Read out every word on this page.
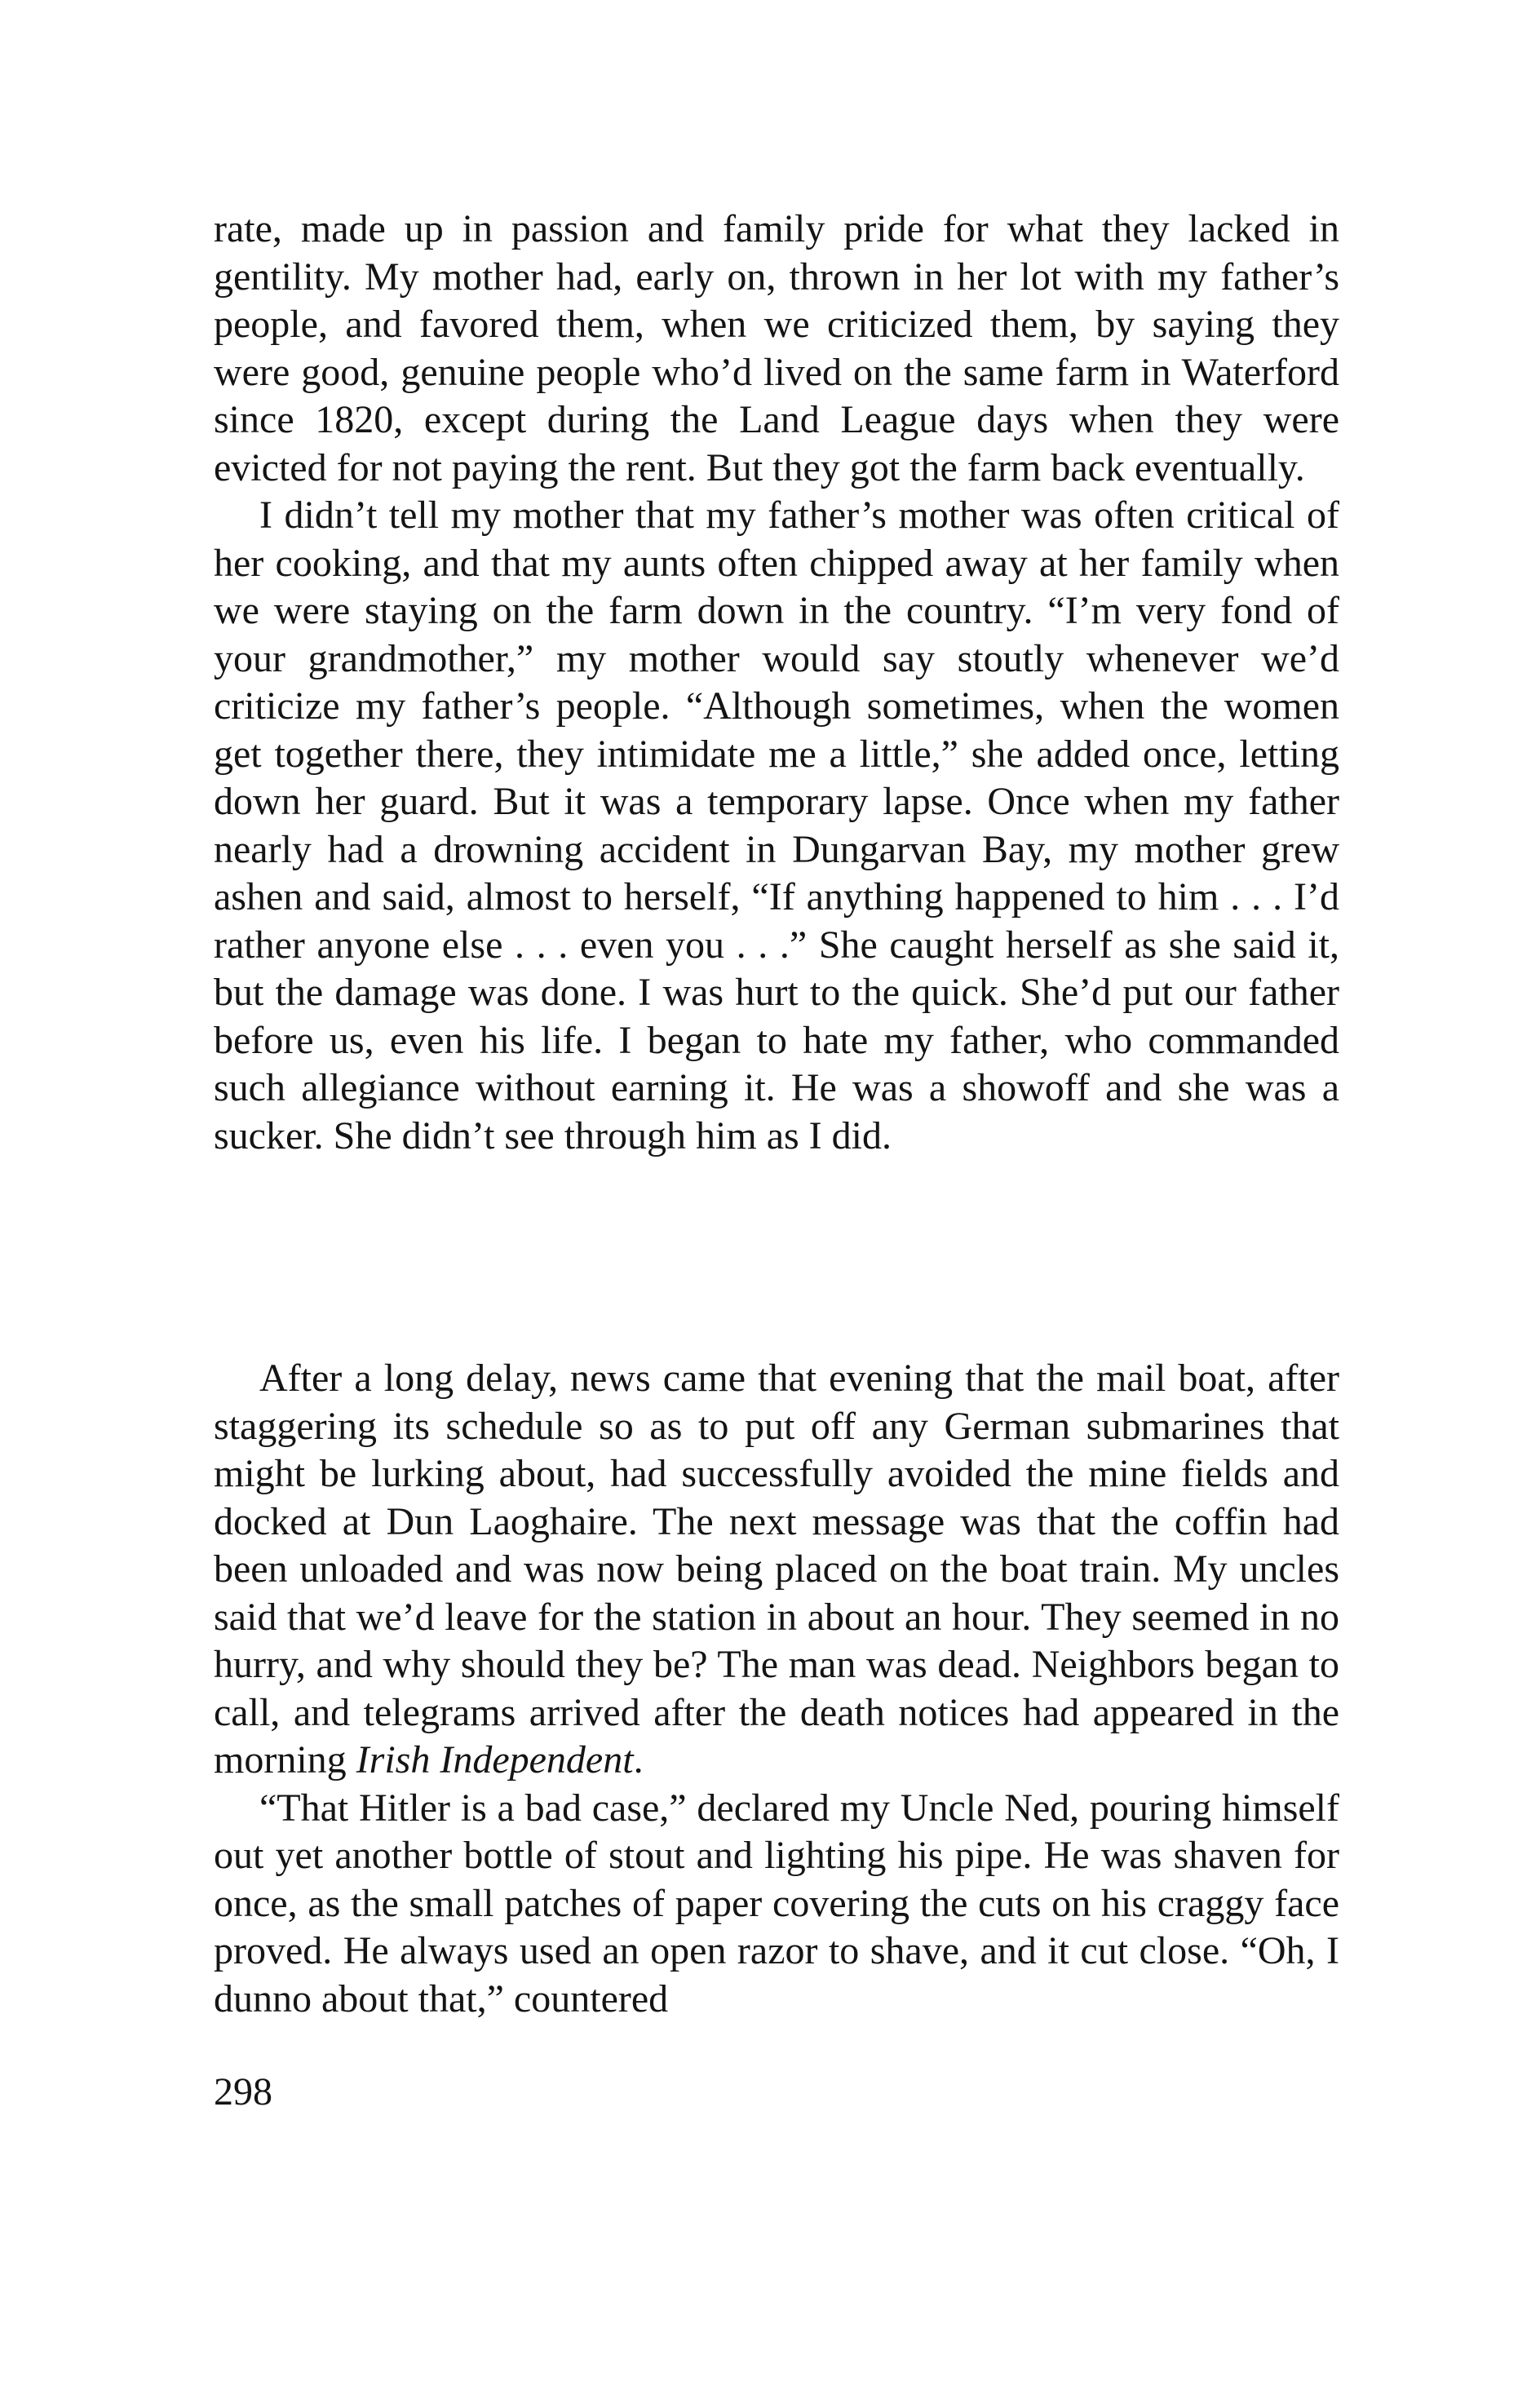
rate, made up in passion and family pride for what they lacked in gentility. My mother had, early on, thrown in her lot with my father’s people, and favored them, when we criticized them, by saying they were good, genuine people who’d lived on the same farm in Waterford since 1820, except during the Land League days when they were evicted for not paying the rent. But they got the farm back eventually.

I didn’t tell my mother that my father’s mother was often critical of her cooking, and that my aunts often chipped away at her family when we were staying on the farm down in the country. “I’m very fond of your grandmother,” my mother would say stoutly whenever we’d criticize my father’s people. “Although sometimes, when the women get together there, they intimidate me a little,” she added once, letting down her guard. But it was a temporary lapse. Once when my father nearly had a drowning accident in Dungarvan Bay, my mother grew ashen and said, almost to herself, “If anything happened to him . . . I’d rather anyone else . . . even you . . .” She caught herself as she said it, but the damage was done. I was hurt to the quick. She’d put our father before us, even his life. I began to hate my father, who commanded such allegiance without earning it. He was a showoff and she was a sucker. She didn’t see through him as I did.

After a long delay, news came that evening that the mail boat, after staggering its schedule so as to put off any German submarines that might be lurking about, had successfully avoided the mine fields and docked at Dun Laoghaire. The next message was that the coffin had been unloaded and was now being placed on the boat train. My uncles said that we’d leave for the station in about an hour. They seemed in no hurry, and why should they be? The man was dead. Neighbors began to call, and telegrams arrived after the death notices had appeared in the morning Irish Independent.

“That Hitler is a bad case,” declared my Uncle Ned, pouring himself out yet another bottle of stout and lighting his pipe. He was shaven for once, as the small patches of paper covering the cuts on his craggy face proved. He always used an open razor to shave, and it cut close. “Oh, I dunno about that,” countered

298
